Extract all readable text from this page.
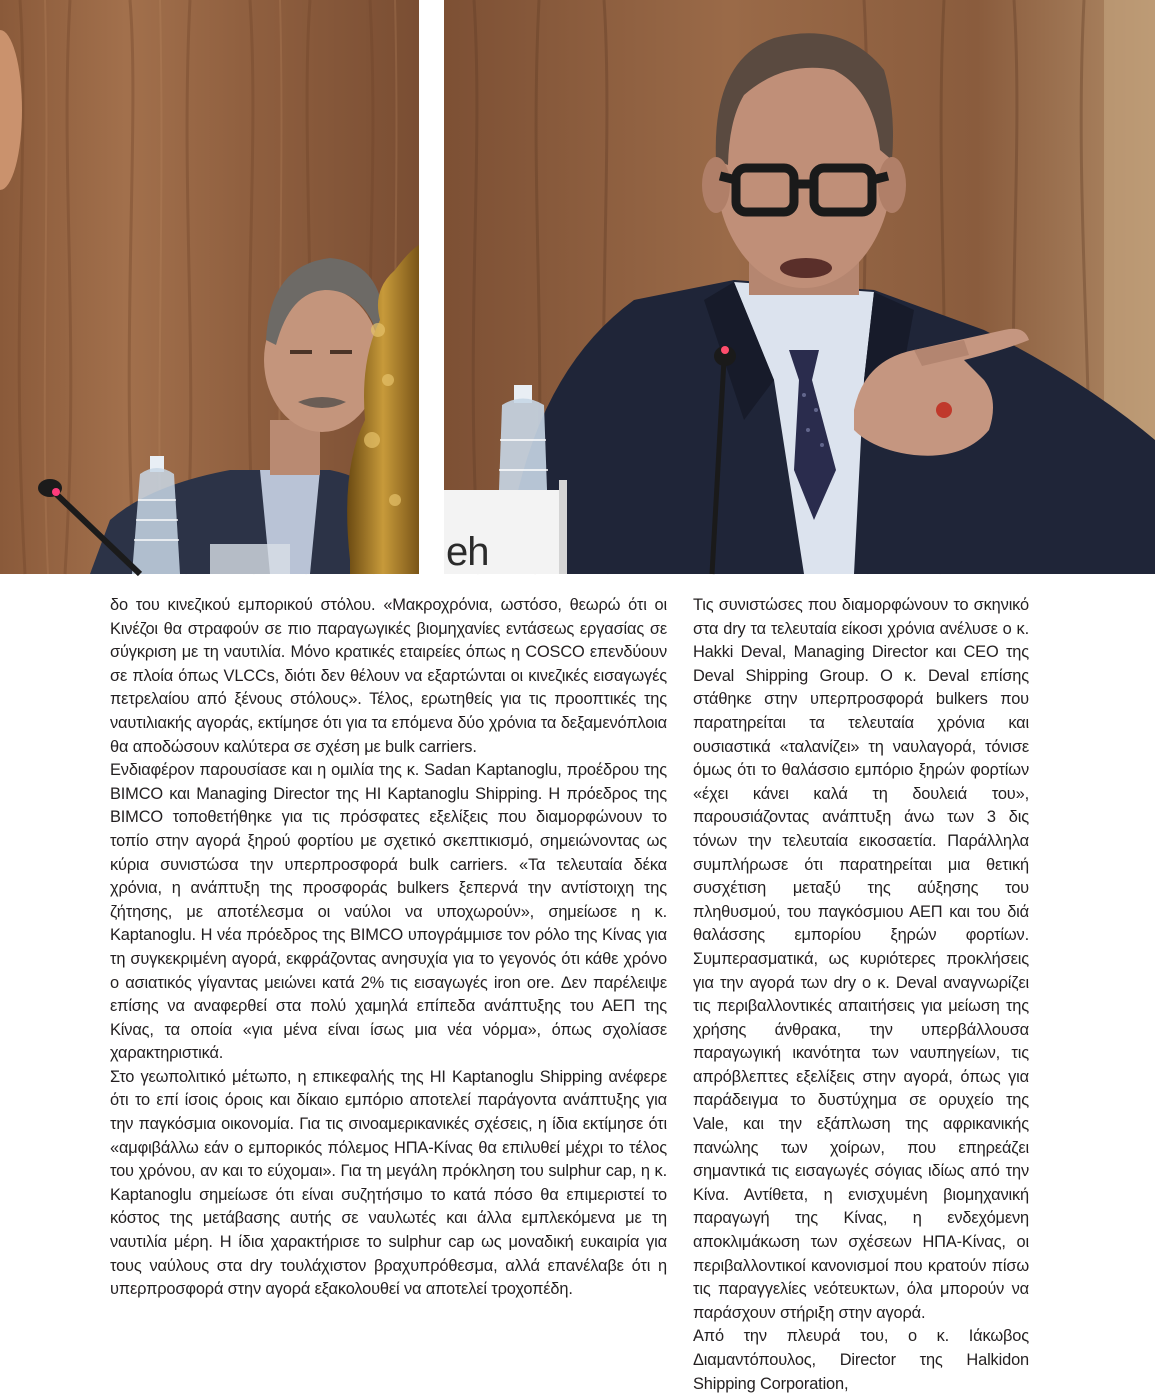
eh

δο του κινεζικού εμπορικού στόλου. «Μακροχρόνια, ωστόσο, θεωρώ ότι οι Κινέζοι θα στραφούν σε πιο παραγωγικές βιομηχανίες εντάσεως εργασίας σε σύγκριση με τη ναυτιλία. Μόνο κρατικές εταιρείες όπως η COSCO επενδύουν σε πλοία όπως VLCCs, διότι δεν θέλουν να εξαρτώνται οι κινεζικές εισαγωγές πετρελαίου από ξένους στόλους». Τέλος, ερωτηθείς για τις προοπτικές της ναυτιλιακής αγοράς, εκτίμησε ότι για τα επόμενα δύο χρόνια τα δεξαμενόπλοια θα αποδώσουν καλύτερα σε σχέση με bulk carriers.

Ενδιαφέρον παρουσίασε και η ομιλία της κ. Sadan Kaptanoglu, προέδρου της BIMCO και Managing Director της HI Kaptanoglu Shipping. Η πρόεδρος της BIMCO τοποθετήθηκε για τις πρόσφατες εξελίξεις που διαμορφώνουν το τοπίο στην αγορά ξηρού φορτίου με σχετικό σκεπτικισμό, σημειώνοντας ως κύρια συνιστώσα την υπερπροσφορά bulk carriers. «Τα τελευταία δέκα χρόνια, η ανάπτυξη της προσφοράς bulkers ξεπερνά την αντίστοιχη της ζήτησης, με αποτέλεσμα οι ναύλοι να υποχωρούν», σημείωσε η κ. Kaptanoglu. Η νέα πρόεδρος της BIMCO υπογράμμισε τον ρόλο της Κίνας για τη συγκεκριμένη αγορά, εκφράζοντας ανησυχία για το γεγονός ότι κάθε χρόνο ο ασιατικός γίγαντας μειώνει κατά 2% τις εισαγωγές iron ore. Δεν παρέλειψε επίσης να αναφερθεί στα πολύ χαμηλά επίπεδα ανάπτυξης του ΑΕΠ της Κίνας, τα οποία «για μένα είναι ίσως μια νέα νόρμα», όπως σχολίασε χαρακτηριστικά.

Στο γεωπολιτικό μέτωπο, η επικεφαλής της HI Kaptanoglu Shipping ανέφερε ότι το επί ίσοις όροις και δίκαιο εμπόριο αποτελεί παράγοντα ανάπτυξης για την παγκόσμια οικονομία. Για τις σινοαμερικανικές σχέσεις, η ίδια εκτίμησε ότι «αμφιβάλλω εάν ο εμπορικός πόλεμος ΗΠΑ-Κίνας θα επιλυθεί μέχρι το τέλος του χρόνου, αν και το εύχομαι». Για τη μεγάλη πρόκληση του sulphur cap, η κ. Kaptanoglu σημείωσε ότι είναι συζητήσιμο το κατά πόσο θα επιμεριστεί το κόστος της μετάβασης αυτής σε ναυλωτές και άλλα εμπλεκόμενα με τη ναυτιλία μέρη. Η ίδια χαρακτήρισε το sulphur cap ως μοναδική ευκαιρία για τους ναύλους στα dry τουλάχιστον βραχυπρόθεσμα, αλλά επανέλαβε ότι η υπερπροσφορά στην αγορά εξακολουθεί να αποτελεί τροχοπέδη.

Τις συνιστώσες που διαμορφώνουν το σκηνικό στα dry τα τελευταία είκοσι χρόνια ανέλυσε ο κ. Hakki Deval, Managing Director και CEO της Deval Shipping Group. Ο κ. Deval επίσης στάθηκε στην υπερπροσφορά bulkers που παρατηρείται τα τελευταία χρόνια και ουσιαστικά «ταλανίζει» τη ναυλαγορά, τόνισε όμως ότι το θαλάσσιο εμπόριο ξηρών φορτίων «έχει κάνει καλά τη δουλειά του», παρουσιάζοντας ανάπτυξη άνω των 3 δις τόνων την τελευταία εικοσαετία. Παράλληλα συμπλήρωσε ότι παρατηρείται μια θετική συσχέτιση μεταξύ της αύξησης του πληθυσμού, του παγκόσμιου ΑΕΠ και του διά θαλάσσης εμπορίου ξηρών φορτίων. Συμπερασματικά, ως κυριότερες προκλήσεις για την αγορά των dry ο κ. Deval αναγνωρίζει τις περιβαλλοντικές απαιτήσεις για μείωση της χρήσης άνθρακα, την υπερβάλλουσα παραγωγική ικανότητα των ναυπηγείων, τις απρόβλεπτες εξελίξεις στην αγορά, όπως για παράδειγμα το δυστύχημα σε ορυχείο της Vale, και την εξάπλωση της αφρικανικής πανώλης των χοίρων, που επηρεάζει σημαντικά τις εισαγωγές σόγιας ιδίως από την Κίνα. Αντίθετα, η ενισχυμένη βιομηχανική παραγωγή της Κίνας, η ενδεχόμενη αποκλιμάκωση των σχέσεων ΗΠΑ-Κίνας, οι περιβαλλοντικοί κανονισμοί που κρατούν πίσω τις παραγγελίες νεότευκτων, όλα μπορούν να παράσχουν στήριξη στην αγορά.

Από την πλευρά του, ο κ. Ιάκωβος Διαμαντόπουλος, Director της Halkidon Shipping Corporation,
